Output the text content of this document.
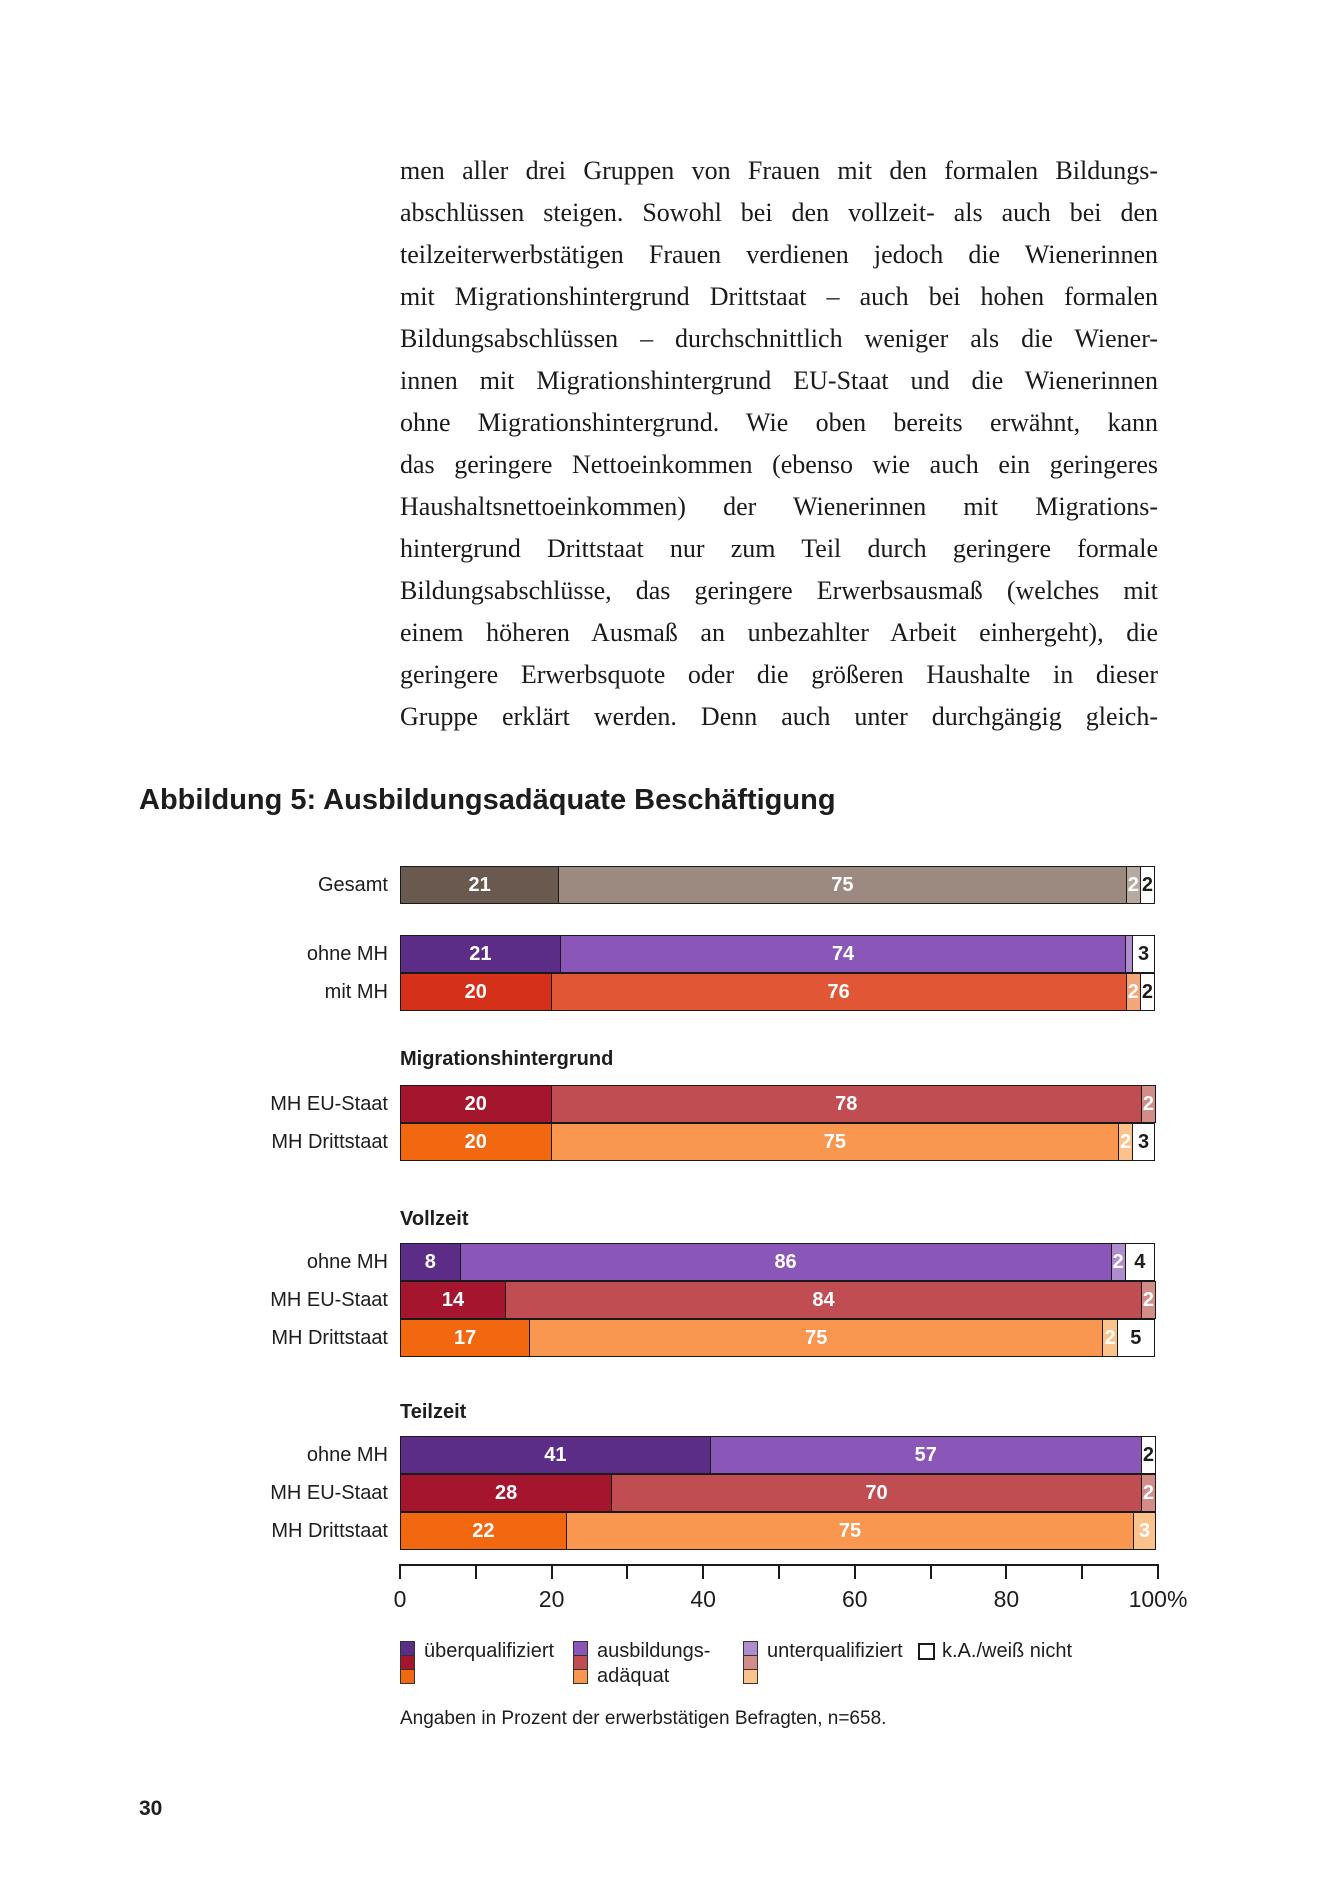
men aller drei Gruppen von Frauen mit den formalen Bildungs-
abschlüssen steigen. Sowohl bei den vollzeit- als auch bei den
teilzeiterwerbstätigen Frauen verdienen jedoch die Wienerinnen
mit Migrationshintergrund Drittstaat – auch bei hohen formalen
Bildungsabschlüssen – durchschnittlich weniger als die Wiener-
innen mit Migrationshintergrund EU-Staat und die Wienerinnen
ohne Migrationshintergrund. Wie oben bereits erwähnt, kann
das geringere Nettoeinkommen (ebenso wie auch ein geringeres
Haushaltsnettoeinkommen) der Wienerinnen mit Migrations-
hintergrund Drittstaat nur zum Teil durch geringere formale
Bildungsabschlüsse, das geringere Erwerbsausmaß (welches mit
einem höheren Ausmaß an unbezahlter Arbeit einhergeht), die
geringere Erwerbsquote oder die größeren Haushalte in dieser
Gruppe erklärt werden. Denn auch unter durchgängig gleich-
Abbildung 5: Ausbildungsadäquate Beschäftigung
Gesamt	21	75	2 2
ohne MH	21	74	3
mit MH	20	76	2 2
Migrationshintergrund
MH EU-Staat	20	78	2
MH Drittstaat	20	75	2 3
Vollzeit
ohne MH	8	86	2 4
MH EU-Staat	14	84	2
MH Drittstaat	17	75	2 5
Teilzeit
ohne MH	41	57	2
MH EU-Staat	28	70	2
MH Drittstaat	22	75	3
0	20	40	60	80	100%
überqualifiziert ausbildungs-
adäquat
unterqualifiziert k.A./weiß nicht
Angaben in Prozent der erwerbstätigen Befragten, n=658.
30
